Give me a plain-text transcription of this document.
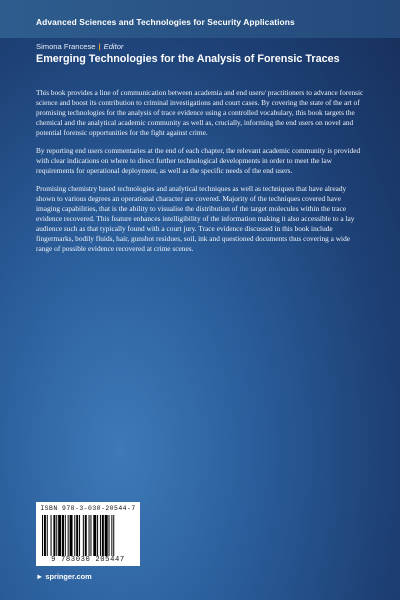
Advanced Sciences and Technologies for Security Applications
Simona Francese | Editor
Emerging Technologies for the Analysis of Forensic Traces

This book provides a line of communication between academia and end users/ practitioners to advance forensic science and boost its contribution to criminal investigations and court cases. By covering the state of the art of promising technologies for the analysis of trace evidence using a controlled vocabulary, this book targets the chemical and the analytical academic community as well as, crucially, informing the end users on novel and potential forensic opportunities for the fight against crime.

By reporting end users commentaries at the end of each chapter, the relevant academic community is provided with clear indications on where to direct further technological developments in order to meet the law requirements for operational deployment, as well as the specific needs of the end users.

Promising chemistry based technologies and analytical techniques as well as techniques that have already shown to various degrees an operational character are covered. Majority of the techniques covered have imaging capabilities, that is the ability to visualise the distribution of the target molecules within the trace evidence recovered. This feature enhances intelligibility of the information making it also accessible to a lay audience such as that typically found with a court jury. Trace evidence discussed in this book include fingermarks, bodily fluids, hair, gunshot residues, soil, ink and questioned documents thus covering a wide range of possible evidence recovered at crime scenes.

ISBN 978-3-030-20544-7
9 783030 205447
► springer.com
